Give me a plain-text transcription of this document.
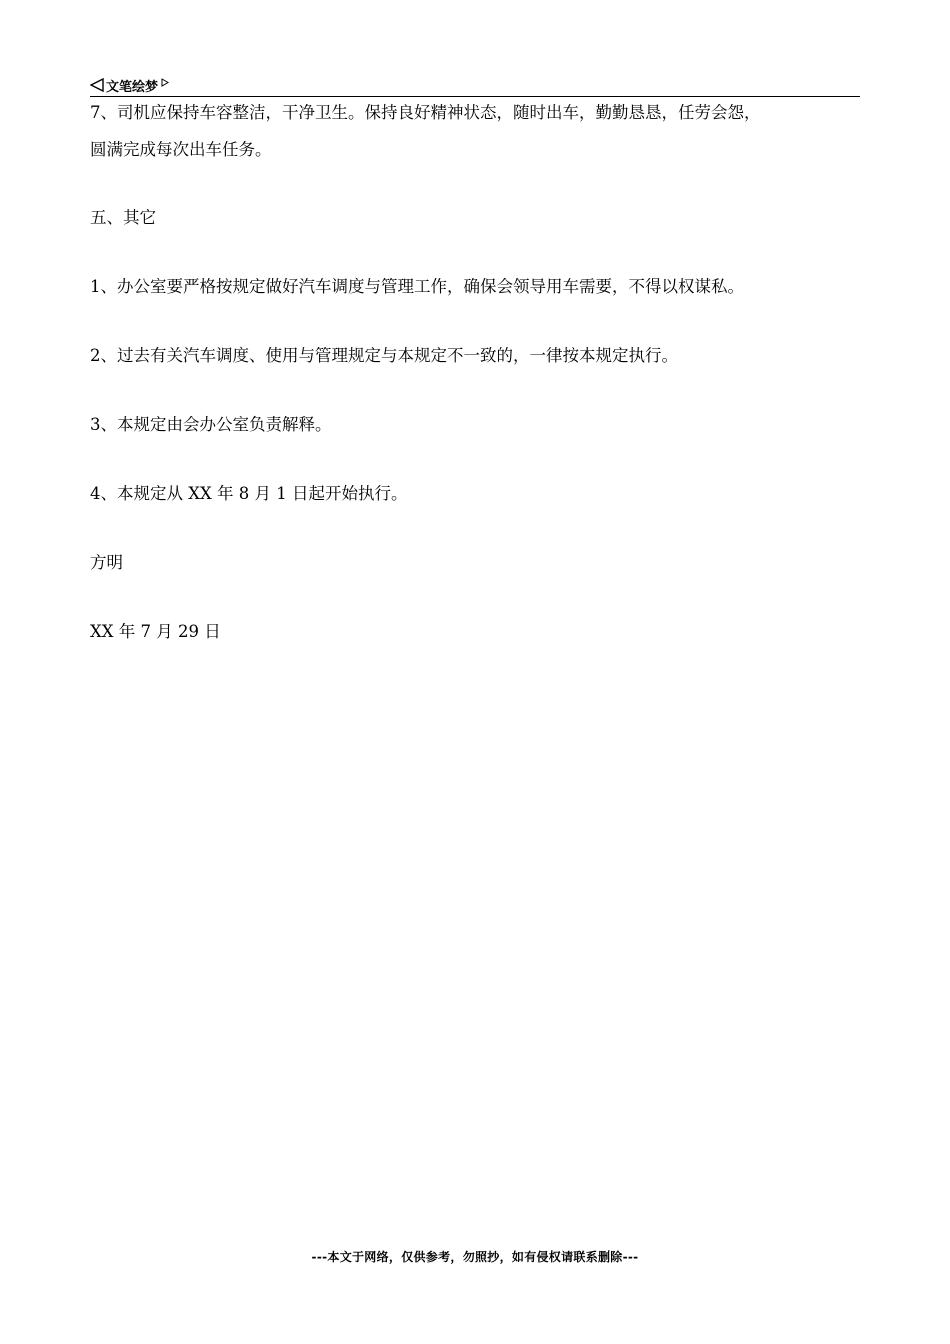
文笔绘梦

7、司机应保持车容整洁，干净卫生。保持良好精神状态，随时出车，勤勤恳恳，任劳会怨，

圆满完成每次出车任务。

五、其它

1、办公室要严格按规定做好汽车调度与管理工作，确保会领导用车需要，不得以权谋私。

2、过去有关汽车调度、使用与管理规定与本规定不一致的，一律按本规定执行。

3、本规定由会办公室负责解释。

4、本规定从 XX 年 8 月 1 日起开始执行。

方明

XX 年 7 月 29 日

---本文于网络，仅供参考，勿照抄，如有侵权请联系删除---
